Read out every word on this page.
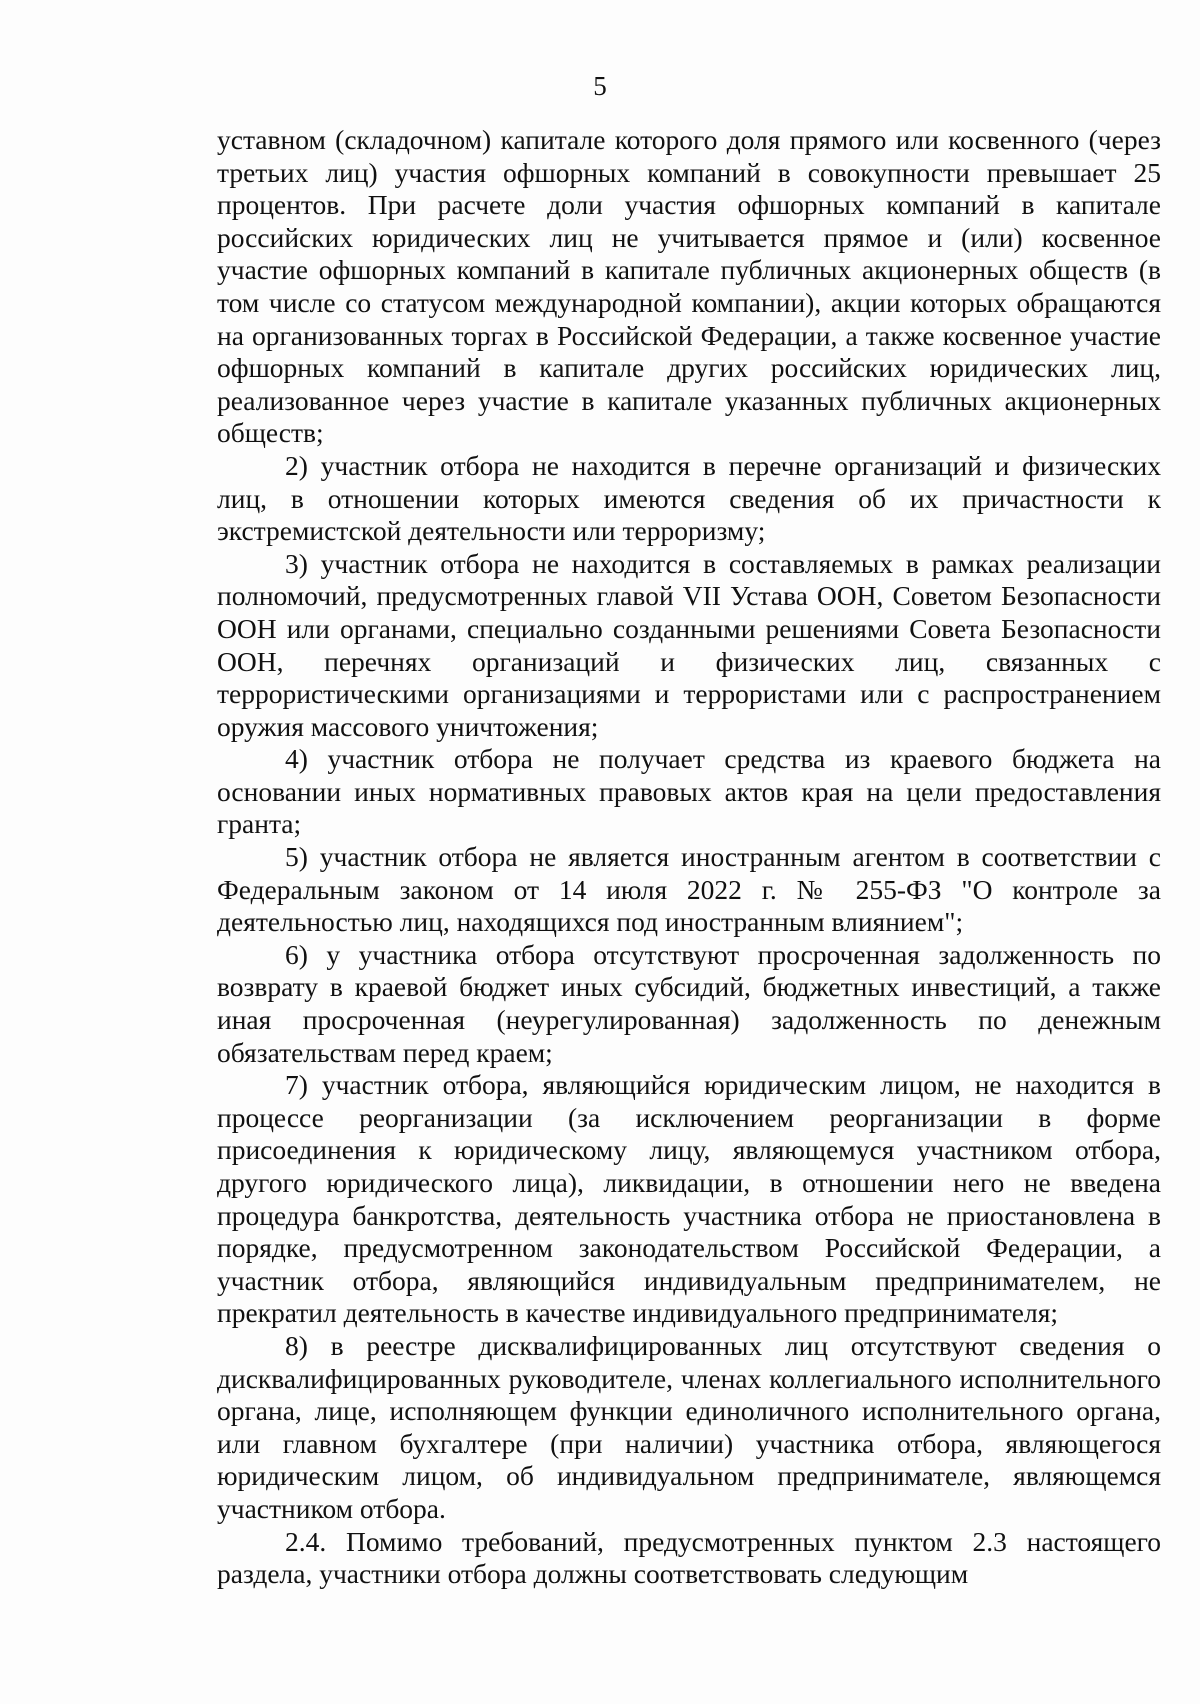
5

уставном (складочном) капитале которого доля прямого или косвенного (через третьих лиц) участия офшорных компаний в совокупности превышает 25 процентов. При расчете доли участия офшорных компаний в капитале российских юридических лиц не учитывается прямое и (или) косвенное участие офшорных компаний в капитале публичных акционерных обществ (в том числе со статусом международной компании), акции которых обращаются на организованных торгах в Российской Федерации, а также косвенное участие офшорных компаний в капитале других российских юридических лиц, реализованное через участие в капитале указанных публичных акционерных обществ;

2) участник отбора не находится в перечне организаций и физических лиц, в отношении которых имеются сведения об их причастности к экстремистской деятельности или терроризму;

3) участник отбора не находится в составляемых в рамках реализации полномочий, предусмотренных главой VII Устава ООН, Советом Безопасности ООН или органами, специально созданными решениями Совета Безопасности ООН, перечнях организаций и физических лиц, связанных с террористическими организациями и террористами или с распространением оружия массового уничтожения;

4) участник отбора не получает средства из краевого бюджета на основании иных нормативных правовых актов края на цели предоставления гранта;

5) участник отбора не является иностранным агентом в соответствии с Федеральным законом от 14 июля 2022 г. № 255-ФЗ "О контроле за деятельностью лиц, находящихся под иностранным влиянием";

6) у участника отбора отсутствуют просроченная задолженность по возврату в краевой бюджет иных субсидий, бюджетных инвестиций, а также иная просроченная (неурегулированная) задолженность по денежным обязательствам перед краем;

7) участник отбора, являющийся юридическим лицом, не находится в процессе реорганизации (за исключением реорганизации в форме присоединения к юридическому лицу, являющемуся участником отбора, другого юридического лица), ликвидации, в отношении него не введена процедура банкротства, деятельность участника отбора не приостановлена в порядке, предусмотренном законодательством Российской Федерации, а участник отбора, являющийся индивидуальным предпринимателем, не прекратил деятельность в качестве индивидуального предпринимателя;

8) в реестре дисквалифицированных лиц отсутствуют сведения о дисквалифицированных руководителе, членах коллегиального исполнительного органа, лице, исполняющем функции единоличного исполнительного органа, или главном бухгалтере (при наличии) участника отбора, являющегося юридическим лицом, об индивидуальном предпринимателе, являющемся участником отбора.

2.4. Помимо требований, предусмотренных пунктом 2.3 настоящего раздела, участники отбора должны соответствовать следующим
